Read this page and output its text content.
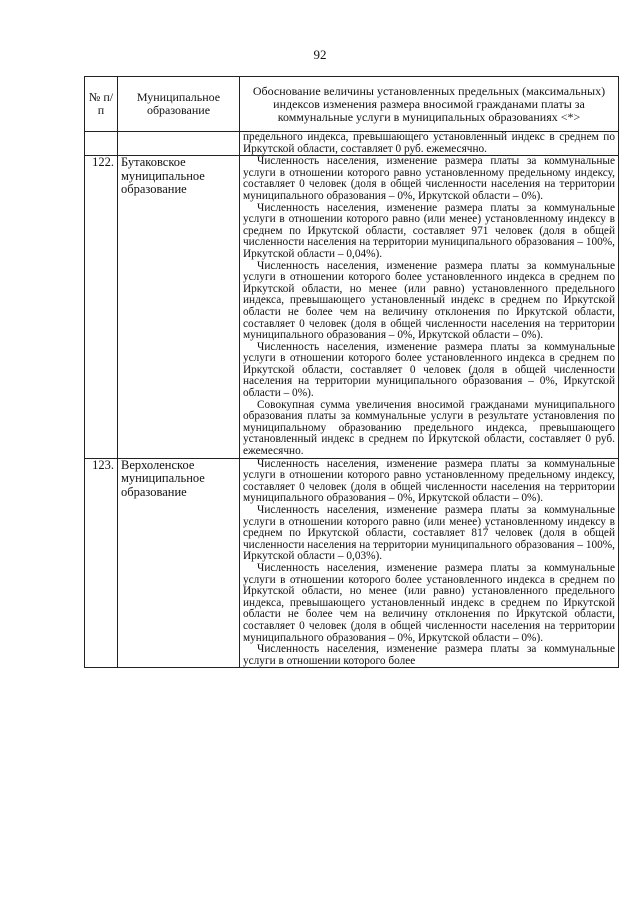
92
№ п/п	Муниципальное образование	Обоснование величины установленных предельных (максимальных) индексов изменения размера вносимой гражданами платы за коммунальные услуги в муниципальных образованиях <*>

		предельного индекса, превышающего установленный индекс в среднем по Иркутской области, составляет 0 руб. ежемесячно.

122.	Бутаковское муниципальное образование	Численность населения, изменение размера платы за коммунальные услуги в отношении которого равно установленному предельному индексу, составляет 0 человек (доля в общей численности населения на территории муниципального образования – 0%, Иркутской области – 0%).

Численность населения, изменение размера платы за коммунальные услуги в отношении которого равно (или менее) установленному индексу в среднем по Иркутской области, составляет 971 человек (доля в общей численности населения на территории муниципального образования – 100%, Иркутской области – 0,04%).

Численность населения, изменение размера платы за коммунальные услуги в отношении которого более установленного индекса в среднем по Иркутской области, но менее (или равно) установленного предельного индекса, превышающего установленный индекс в среднем по Иркутской области не более чем на величину отклонения по Иркутской области, составляет 0 человек (доля в общей численности населения на территории муниципального образования – 0%, Иркутской области – 0%).

Численность населения, изменение размера платы за коммунальные услуги в отношении которого более установленного индекса в среднем по Иркутской области, составляет 0 человек (доля в общей численности населения на территории муниципального образования – 0%, Иркутской области – 0%).

Совокупная сумма увеличения вносимой гражданами муниципального образования платы за коммунальные услуги в результате установления по муниципальному образованию предельного индекса, превышающего установленный индекс в среднем по Иркутской области, составляет 0 руб. ежемесячно.

123.	Верхоленское муниципальное образование	Численность населения, изменение размера платы за коммунальные услуги в отношении которого равно установленному предельному индексу, составляет 0 человек (доля в общей численности населения на территории муниципального образования – 0%, Иркутской области – 0%).

Численность населения, изменение размера платы за коммунальные услуги в отношении которого равно (или менее) установленному индексу в среднем по Иркутской области, составляет 817 человек (доля в общей численности населения на территории муниципального образования – 100%, Иркутской области – 0,03%).

Численность населения, изменение размера платы за коммунальные услуги в отношении которого более установленного индекса в среднем по Иркутской области, но менее (или равно) установленного предельного индекса, превышающего установленный индекс в среднем по Иркутской области не более чем на величину отклонения по Иркутской области, составляет 0 человек (доля в общей численности населения на территории муниципального образования – 0%, Иркутской области – 0%).

Численность населения, изменение размера платы за коммунальные услуги в отношении которого более
